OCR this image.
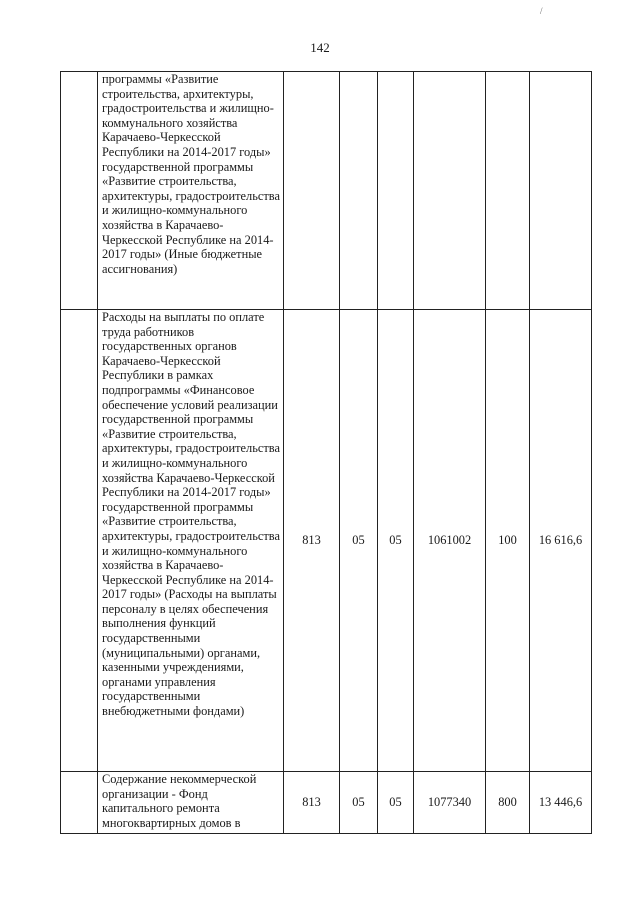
142
	программы «Развитие строительства, архитектуры, градостроительства и жилищно-коммунального хозяйства Карачаево-Черкесской Республики на 2014-2017 годы» государственной программы «Развитие строительства, архитектуры, градостроительства и жилищно-коммунального хозяйства в Карачаево-Черкесской Республике на 2014-2017 годы» (Иные бюджетные ассигнования)						
	Расходы на выплаты по оплате труда работников государственных органов Карачаево-Черкесской Республики в рамках подпрограммы «Финансовое обеспечение условий реализации государственной программы «Развитие строительства, архитектуры, градостроительства и жилищно-коммунального хозяйства Карачаево-Черкесской Республики на 2014-2017 годы» государственной программы «Развитие строительства, архитектуры, градостроительства и жилищно-коммунального хозяйства в Карачаево-Черкесской Республике на 2014-2017 годы» (Расходы на выплаты персоналу в целях обеспечения выполнения функций государственными (муниципальными) органами, казенными учреждениями, органами управления государственными внебюджетными фондами)	813	05	05	1061002	100	16 616,6
	Содержание некоммерческой организации - Фонд капитального ремонта многоквартирных домов в	813	05	05	1077340	800	13 446,6
/
